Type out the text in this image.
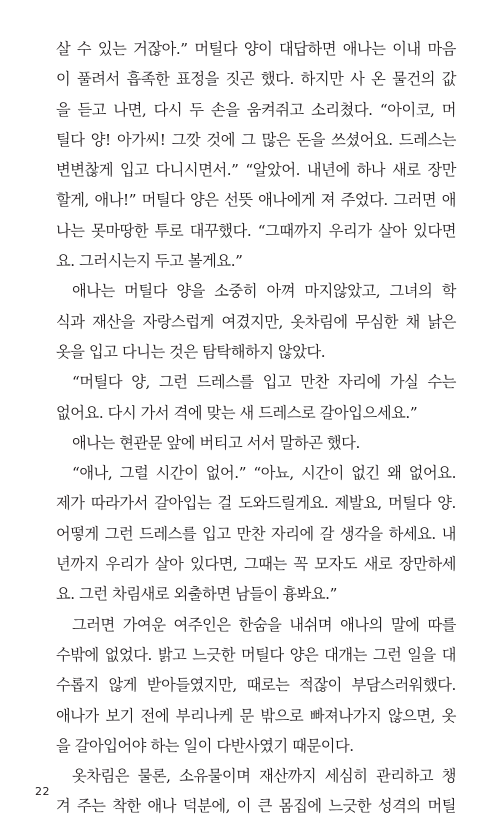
살 수 있는 거잖아.” 머틸다 양이 대답하면 애나는 이내 마음
이 풀려서 흡족한 표정을 짓곤 했다. 하지만 사 온 물건의 값
을 듣고 나면, 다시 두 손을 움켜쥐고 소리쳤다. “아이코, 머
틸다 양! 아가씨! 그깟 것에 그 많은 돈을 쓰셨어요. 드레스는
변변찮게 입고 다니시면서.” “알았어. 내년에 하나 새로 장만
할게, 애나!” 머틸다 양은 선뜻 애나에게 져 주었다. 그러면 애
나는 못마땅한 투로 대꾸했다. “그때까지 우리가 살아 있다면
요. 그러시는지 두고 볼게요.”
애나는 머틸다 양을 소중히 아껴 마지않았고, 그녀의 학
식과 재산을 자랑스럽게 여겼지만, 옷차림에 무심한 채 낡은
옷을 입고 다니는 것은 탐탁해하지 않았다.
“머틸다 양, 그런 드레스를 입고 만찬 자리에 가실 수는
없어요. 다시 가서 격에 맞는 새 드레스로 갈아입으세요.”
애나는 현관문 앞에 버티고 서서 말하곤 했다.
“애나, 그럴 시간이 없어.” “아뇨, 시간이 없긴 왜 없어요.
제가 따라가서 갈아입는 걸 도와드릴게요. 제발요, 머틸다 양.
어떻게 그런 드레스를 입고 만찬 자리에 갈 생각을 하세요. 내
년까지 우리가 살아 있다면, 그때는 꼭 모자도 새로 장만하세
요. 그런 차림새로 외출하면 남들이 흉봐요.”
그러면 가여운 여주인은 한숨을 내쉬며 애나의 말에 따를
수밖에 없었다. 밝고 느긋한 머틸다 양은 대개는 그런 일을 대
수롭지 않게 받아들였지만, 때로는 적잖이 부담스러워했다.
애나가 보기 전에 부리나케 문 밖으로 빠져나가지 않으면, 옷
을 갈아입어야 하는 일이 다반사였기 때문이다.
옷차림은 물론, 소유물이며 재산까지 세심히 관리하고 챙
겨 주는 착한 애나 덕분에, 이 큰 몸집에 느긋한 성격의 머틸
22
